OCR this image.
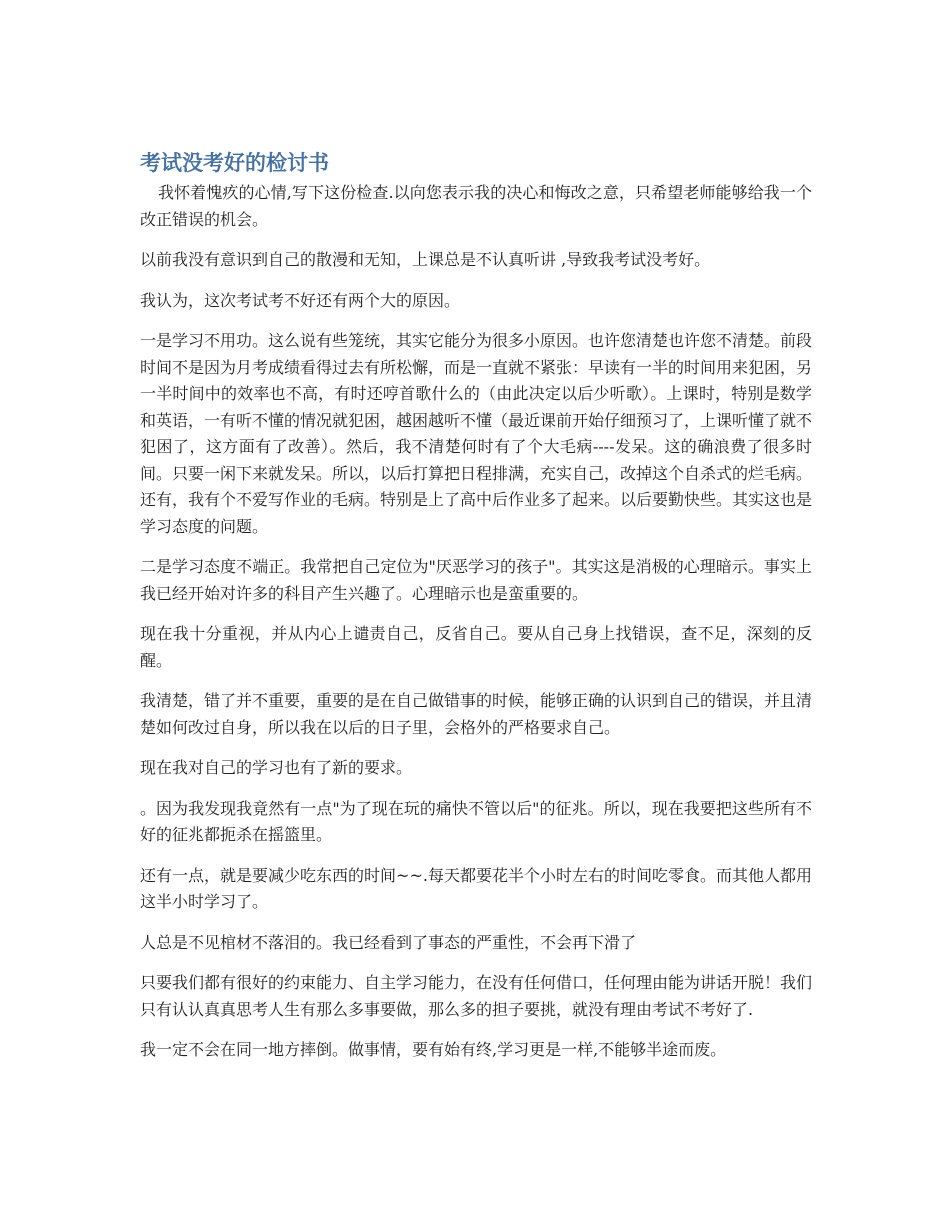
考试没考好的检讨书

我怀着愧疚的心情,写下这份检查.以向您表示我的决心和悔改之意，只希望老师能够给我一个改正错误的机会。

以前我没有意识到自己的散漫和无知，上课总是不认真听讲 ,导致我考试没考好。

我认为，这次考试考不好还有两个大的原因。

一是学习不用功。这么说有些笼统，其实它能分为很多小原因。也许您清楚也许您不清楚。前段时间不是因为月考成绩看得过去有所松懈，而是一直就不紧张：早读有一半的时间用来犯困，另一半时间中的效率也不高，有时还哼首歌什么的（由此决定以后少听歌）。上课时，特别是数学和英语，一有听不懂的情况就犯困，越困越听不懂（最近课前开始仔细预习了，上课听懂了就不犯困了，这方面有了改善）。然后，我不清楚何时有了个大毛病----发呆。这的确浪费了很多时间。只要一闲下来就发呆。所以，以后打算把日程排满，充实自己，改掉这个自杀式的烂毛病。还有，我有个不爱写作业的毛病。特别是上了高中后作业多了起来。以后要勤快些。其实这也是学习态度的问题。

二是学习态度不端正。我常把自己定位为"厌恶学习的孩子"。其实这是消极的心理暗示。事实上我已经开始对许多的科目产生兴趣了。心理暗示也是蛮重要的。

现在我十分重视，并从内心上谴责自己，反省自己。要从自己身上找错误，查不足，深刻的反醒。

我清楚，错了并不重要，重要的是在自己做错事的时候，能够正确的认识到自己的错误，并且清楚如何改过自身，所以我在以后的日子里，会格外的严格要求自己。

现在我对自己的学习也有了新的要求。

。因为我发现我竟然有一点"为了现在玩的痛快不管以后"的征兆。所以，现在我要把这些所有不好的征兆都扼杀在摇篮里。

还有一点，就是要减少吃东西的时间~~.每天都要花半个小时左右的时间吃零食。而其他人都用这半小时学习了。

人总是不见棺材不落泪的。我已经看到了事态的严重性，不会再下滑了

只要我们都有很好的约束能力、自主学习能力，在没有任何借口，任何理由能为讲话开脱！我们只有认认真真思考人生有那么多事要做，那么多的担子要挑，就没有理由考试不考好了.

我一定不会在同一地方摔倒。做事情，要有始有终,学习更是一样,不能够半途而废。
